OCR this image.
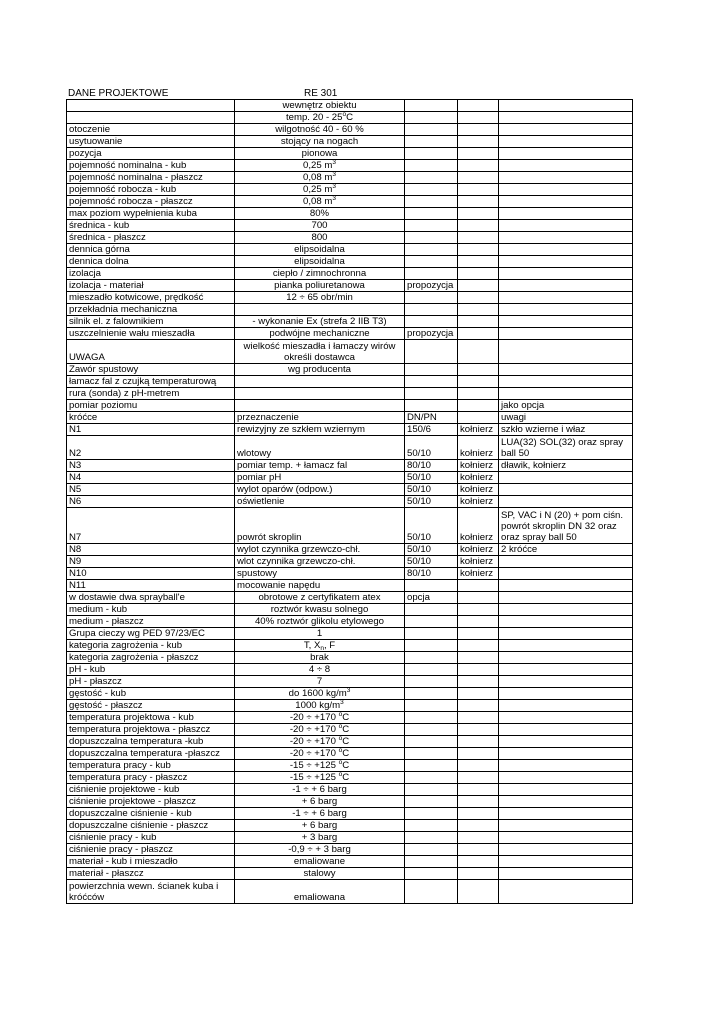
DANE PROJEKTOWE	RE 301
	wewnętrz obiektu			
	temp. 20 - 25$^o$C			
otoczenie	wilgotność 40 - 60 %			
usytuowanie	stojący na nogach			
pozycja	pionowa			
pojemność nominalna - kub	0,25 $m^3$			
pojemność nominalna - płaszcz	0,08 $m^3$			
pojemność robocza - kub	0,25 $m^3$			
pojemność robocza - płaszcz	0,08 $m^3$			
max poziom wypełnienia kuba	80%			
średnica - kub	700			
średnica - płaszcz	800			
dennica górna	elipsoidalna			
dennica dolna	elipsoidalna			
izolacja	ciepło / zimnochronna			
izolacja - materiał	pianka poliuretanowa	propozycja		
mieszadło kotwicowe, prędkość	12 ÷ 65 obr/min			
przekładnia mechaniczna				
silnik el. z falownikiem	- wykonanie Ex (strefa 2 IIB T3)			
uszczelnienie wału mieszadła	podwójne mechaniczne	propozycja		
UWAGA	wielkość mieszadła i łamaczy wirów
określi dostawca			
Zawór spustowy	wg producenta			
łamacz fal z czujką temperaturową				
rura (sonda) z pH-metrem				
pomiar poziomu				jako opcja
króćce	przeznaczenie	DN/PN		uwagi
N1	rewizyjny ze szkłem wziernym	150/6	kołnierz	szkło wzierne i właz
N2	wlotowy	50/10	kołnierz	LUA(32) SOL(32) oraz spray
ball 50
N3	pomiar temp. + łamacz fal	80/10	kołnierz	dławik, kołnierz
N4	pomiar pH	50/10	kołnierz	
N5	wylot oparów (odpow.)	50/10	kołnierz	
N6	oświetlenie	50/10	kołnierz	
N7	powrót skroplin	50/10	kołnierz	SP, VAC i N (20) + pom ciśn.
powrót skroplin DN 32 oraz
oraz spray ball 50
N8	wylot czynnika grzewczo-chł.	50/10	kołnierz	2 króćce
N9	wlot czynnika grzewczo-chł.	50/10	kołnierz	
N10	spustowy	80/10	kołnierz	
N11	mocowanie napędu			
w dostawie dwa sprayball'e	obrotowe z certyfikatem atex	opcja		
medium - kub	roztwór kwasu solnego			
medium - płaszcz	40% roztwór glikolu etylowego			
Grupa cieczy wg PED 97/23/EC	1			
kategoria zagrożenia - kub	T, $X_n$, F			
kategoria zagrożenia - płaszcz	brak			
pH - kub	4 ÷ 8			
pH - płaszcz	7			
gęstość - kub	do 1600 $kg/m^3$			
gęstość - płaszcz	1000 $kg/m^3$			
temperatura projektowa - kub	-20 ÷ +170 $^o$C			
temperatura projektowa - płaszcz	-20 ÷ +170 $^o$C			
dopuszczalna temperatura -kub	-20 ÷ +170 $^o$C			
dopuszczalna temperatura -płaszcz	-20 ÷ +170 $^o$C			
temperatura pracy - kub	-15 ÷ +125 $^o$C			
temperatura pracy - płaszcz	-15 ÷ +125 $^o$C			
ciśnienie projektowe - kub	-1 ÷ + 6 barg			
ciśnienie projektowe - płaszcz	+ 6 barg			
dopuszczalne ciśnienie - kub	-1 ÷ + 6 barg			
dopuszczalne ciśnienie - płaszcz	+ 6 barg			
ciśnienie pracy - kub	+ 3 barg			
ciśnienie pracy - płaszcz	-0,9 ÷ + 3 barg			
materiał - kub i mieszadło	emaliowane			
materiał - płaszcz	stalowy			
powierzchnia wewn. ścianek kuba i
króćców	emaliowana			
